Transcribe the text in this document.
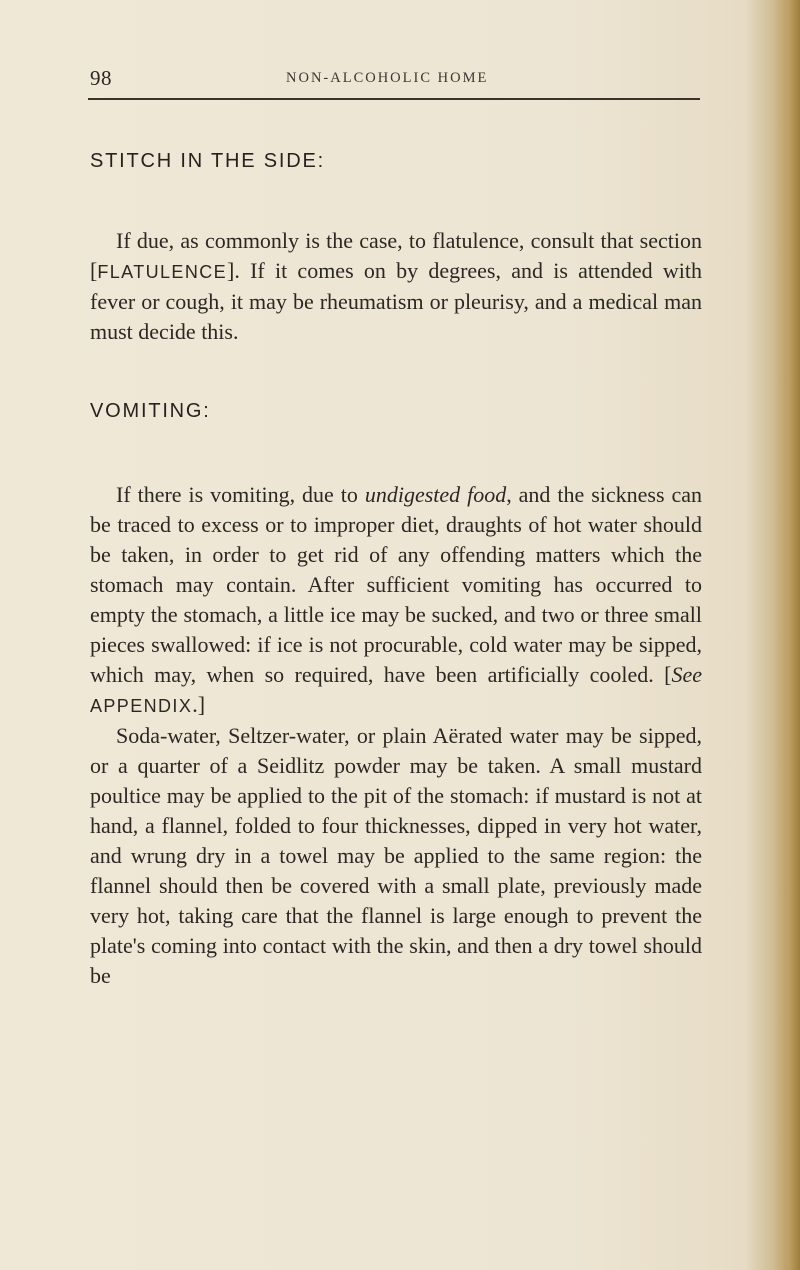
98	NON-ALCOHOLIC HOME
STITCH IN THE SIDE:

If due, as commonly is the case, to flatulence, consult that section [FLATULENCE]. If it comes on by degrees, and is attended with fever or cough, it may be rheumatism or pleurisy, and a medical man must decide this.

VOMITING:

If there is vomiting, due to undigested food, and the sickness can be traced to excess or to improper diet, draughts of hot water should be taken, in order to get rid of any offending matters which the stomach may contain. After sufficient vomiting has occurred to empty the stomach, a little ice may be sucked, and two or three small pieces swallowed: if ice is not procurable, cold water may be sipped, which may, when so required, have been artificially cooled. [See APPENDIX.]

Soda-water, Seltzer-water, or plain Aërated water may be sipped, or a quarter of a Seidlitz powder may be taken. A small mustard poultice may be applied to the pit of the stomach: if mustard is not at hand, a flannel, folded to four thicknesses, dipped in very hot water, and wrung dry in a towel may be applied to the same region: the flannel should then be covered with a small plate, previously made very hot, taking care that the flannel is large enough to prevent the plate's coming into contact with the skin, and then a dry towel should be
